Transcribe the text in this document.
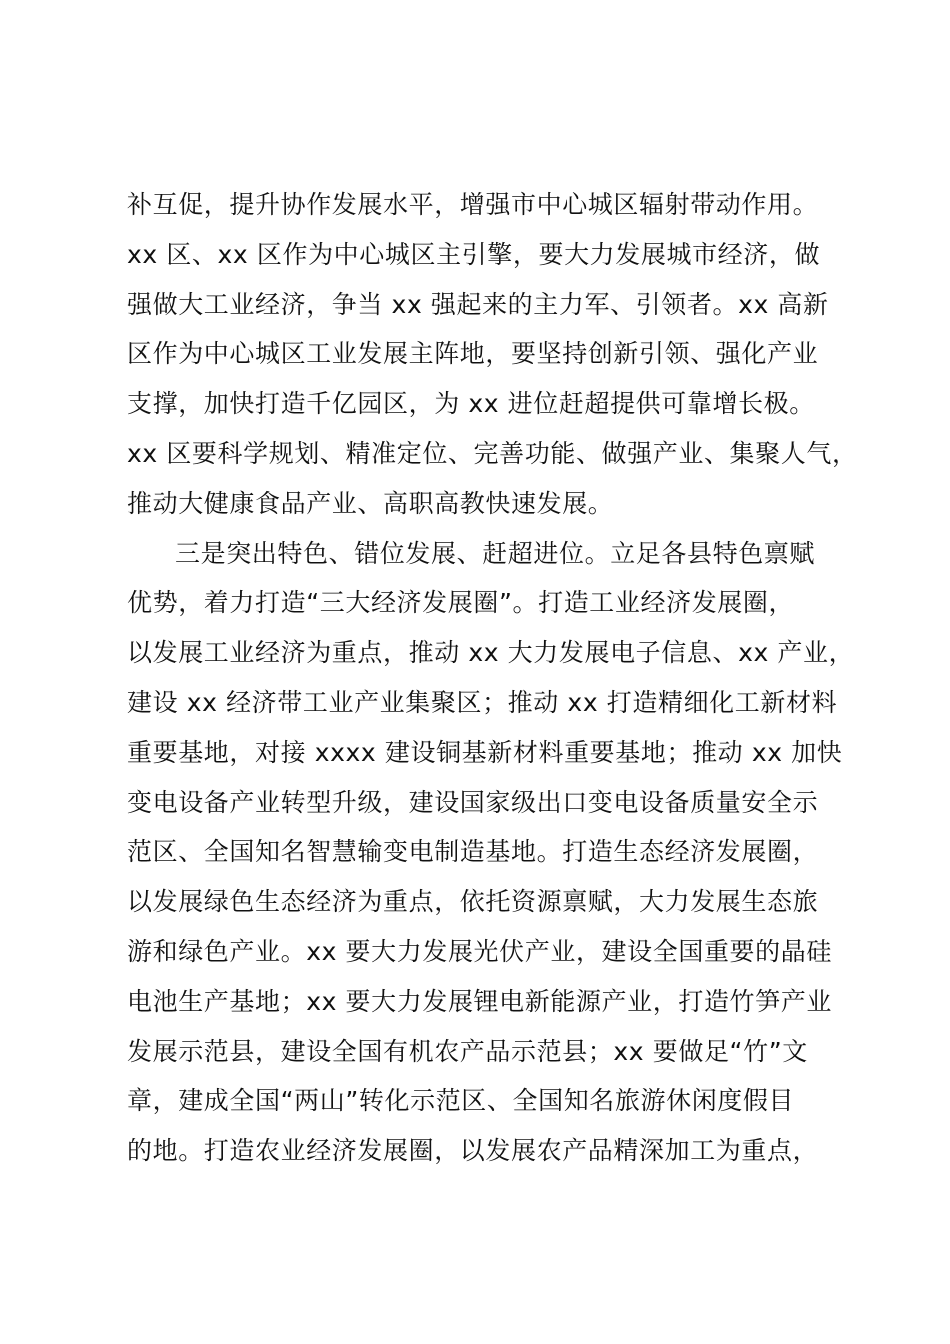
补互促，提升协作发展水平，增强市中心城区辐射带动作用。
xx 区、xx 区作为中心城区主引擎，要大力发展城市经济，做
强做大工业经济，争当 xx 强起来的主力军、引领者。xx 高新
区作为中心城区工业发展主阵地，要坚持创新引领、强化产业
支撑，加快打造千亿园区，为 xx 进位赶超提供可靠增长极。
xx 区要科学规划、精准定位、完善功能、做强产业、集聚人气，
推动大健康食品产业、高职高教快速发展。
三是突出特色、错位发展、赶超进位。立足各县特色禀赋
优势，着力打造“三大经济发展圈”。打造工业经济发展圈，
以发展工业经济为重点，推动 xx 大力发展电子信息、xx 产业，
建设 xx 经济带工业产业集聚区；推动 xx 打造精细化工新材料
重要基地，对接 xxxx 建设铜基新材料重要基地；推动 xx 加快
变电设备产业转型升级，建设国家级出口变电设备质量安全示
范区、全国知名智慧输变电制造基地。打造生态经济发展圈，
以发展绿色生态经济为重点，依托资源禀赋，大力发展生态旅
游和绿色产业。xx 要大力发展光伏产业，建设全国重要的晶硅
电池生产基地；xx 要大力发展锂电新能源产业，打造竹笋产业
发展示范县，建设全国有机农产品示范县；xx 要做足“竹”文
章，建成全国“两山”转化示范区、全国知名旅游休闲度假目
的地。打造农业经济发展圈，以发展农产品精深加工为重点，
